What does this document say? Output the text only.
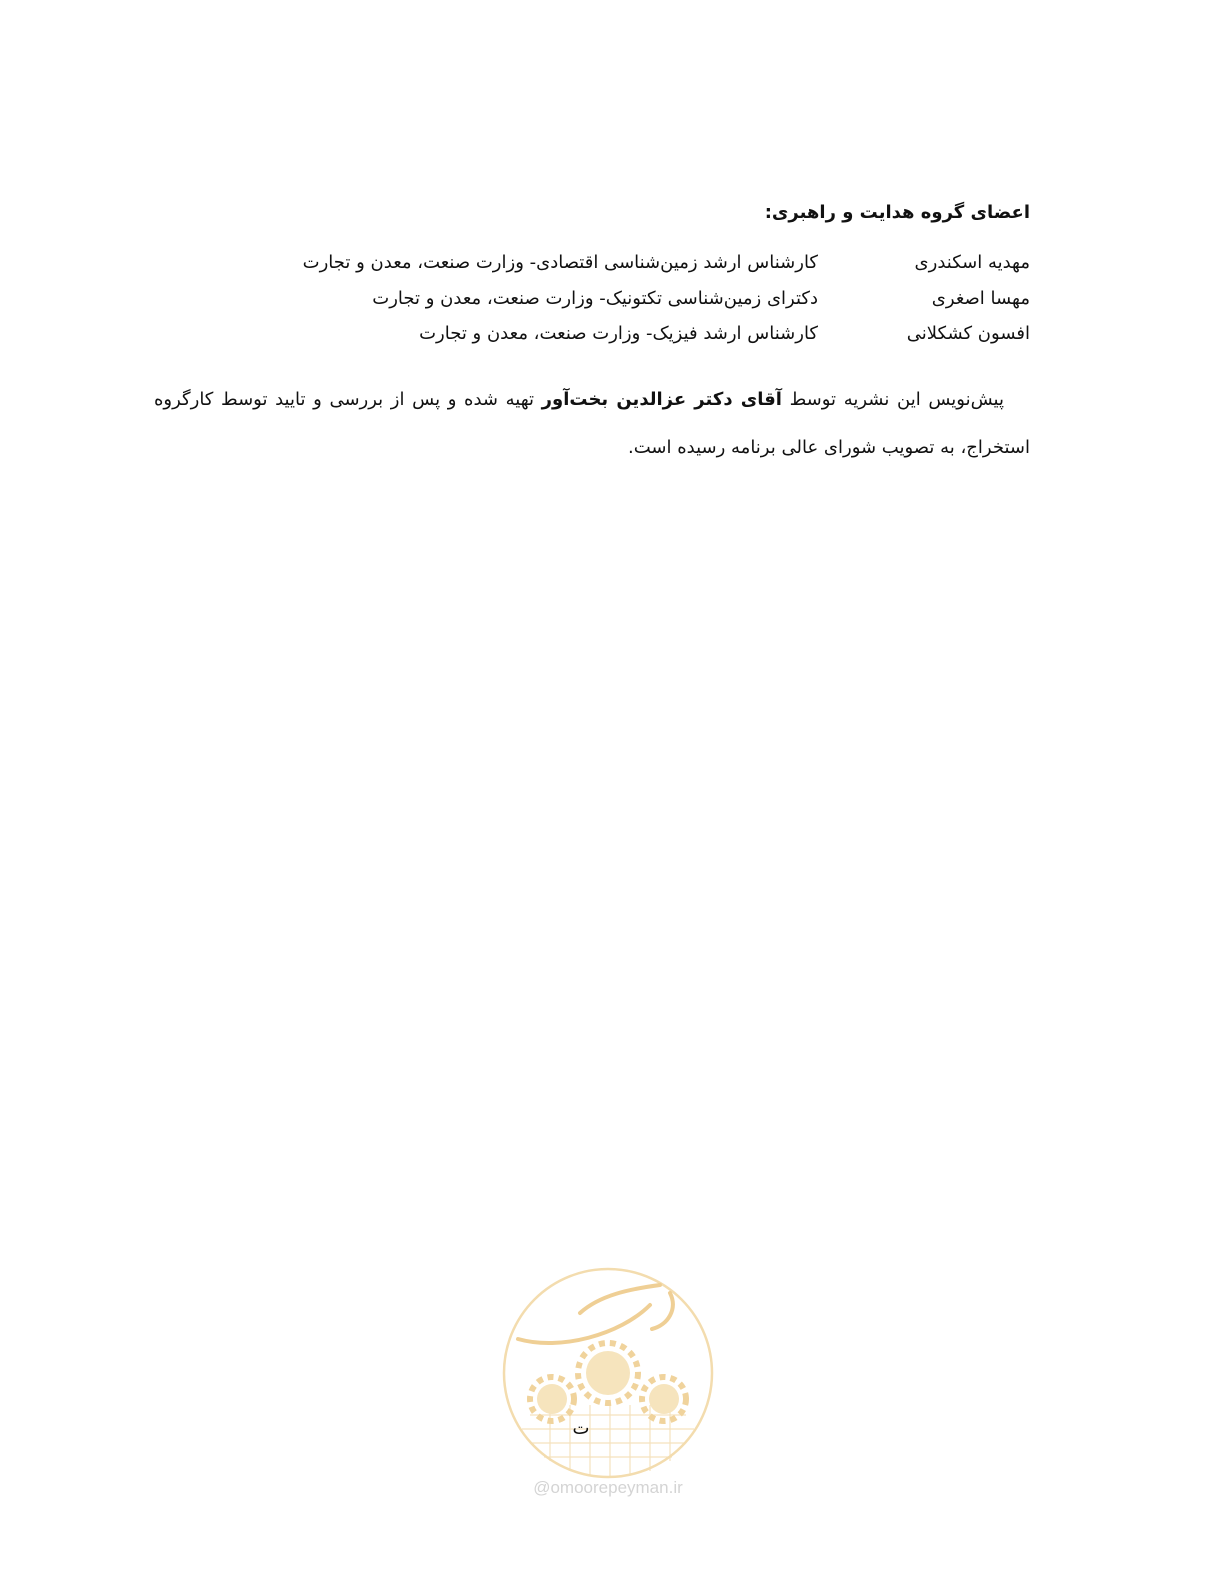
اعضای گروه هدایت و راهبری:
مهدیه اسکندری
کارشناس ارشد زمین‌شناسی اقتصادی- وزارت صنعت، معدن و تجارت
مهسا اصغری
دکترای زمین‌شناسی تکتونیک- وزارت صنعت، معدن و تجارت
افسون کشکلانی
کارشناس ارشد فیزیک- وزارت صنعت، معدن و تجارت

پیش‌نویس این نشریه توسط آقای دکتر عزالدین بخت‌آور تهیه شده و پس از بررسی و تایید توسط کارگروه استخراج، به تصویب شورای عالی برنامه رسیده است.

ت
@omoorepeyman.ir
